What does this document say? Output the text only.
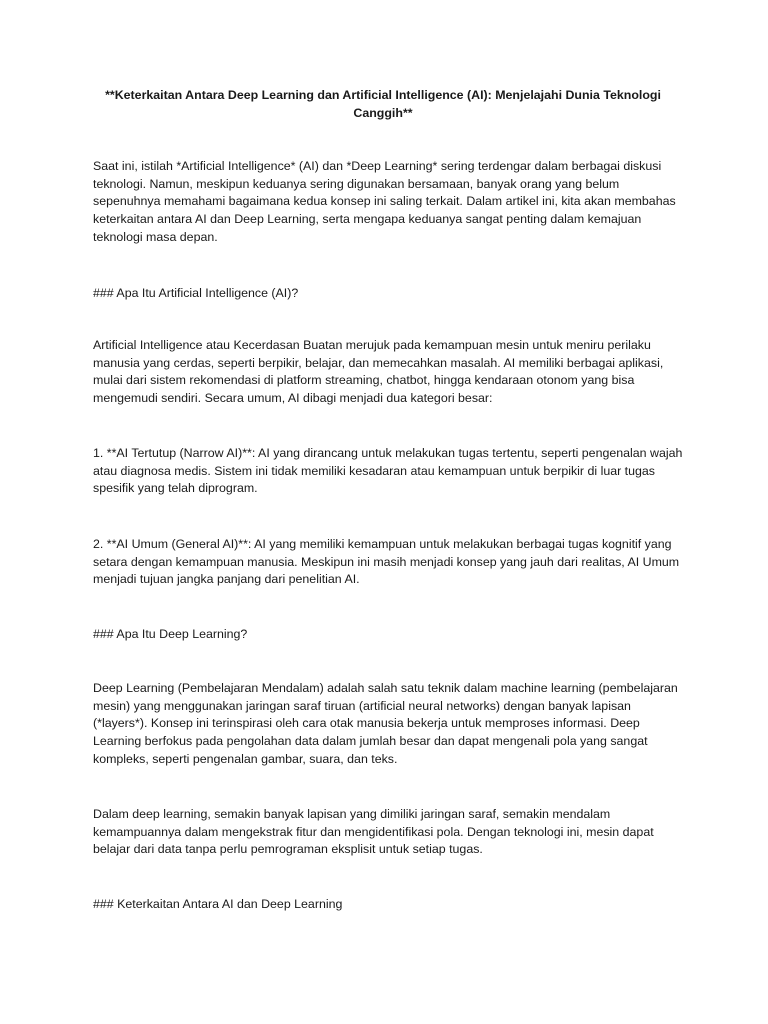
**Keterkaitan Antara Deep Learning dan Artificial Intelligence (AI): Menjelajahi Dunia Teknologi Canggih**

Saat ini, istilah *Artificial Intelligence* (AI) dan *Deep Learning* sering terdengar dalam berbagai diskusi teknologi. Namun, meskipun keduanya sering digunakan bersamaan, banyak orang yang belum sepenuhnya memahami bagaimana kedua konsep ini saling terkait. Dalam artikel ini, kita akan membahas keterkaitan antara AI dan Deep Learning, serta mengapa keduanya sangat penting dalam kemajuan teknologi masa depan.

### Apa Itu Artificial Intelligence (AI)?

Artificial Intelligence atau Kecerdasan Buatan merujuk pada kemampuan mesin untuk meniru perilaku manusia yang cerdas, seperti berpikir, belajar, dan memecahkan masalah. AI memiliki berbagai aplikasi, mulai dari sistem rekomendasi di platform streaming, chatbot, hingga kendaraan otonom yang bisa mengemudi sendiri. Secara umum, AI dibagi menjadi dua kategori besar:

1. **AI Tertutup (Narrow AI)**: AI yang dirancang untuk melakukan tugas tertentu, seperti pengenalan wajah atau diagnosa medis. Sistem ini tidak memiliki kesadaran atau kemampuan untuk berpikir di luar tugas spesifik yang telah diprogram.

2. **AI Umum (General AI)**: AI yang memiliki kemampuan untuk melakukan berbagai tugas kognitif yang setara dengan kemampuan manusia. Meskipun ini masih menjadi konsep yang jauh dari realitas, AI Umum menjadi tujuan jangka panjang dari penelitian AI.

### Apa Itu Deep Learning?

Deep Learning (Pembelajaran Mendalam) adalah salah satu teknik dalam machine learning (pembelajaran mesin) yang menggunakan jaringan saraf tiruan (artificial neural networks) dengan banyak lapisan (*layers*). Konsep ini terinspirasi oleh cara otak manusia bekerja untuk memproses informasi. Deep Learning berfokus pada pengolahan data dalam jumlah besar dan dapat mengenali pola yang sangat kompleks, seperti pengenalan gambar, suara, dan teks.

Dalam deep learning, semakin banyak lapisan yang dimiliki jaringan saraf, semakin mendalam kemampuannya dalam mengekstrak fitur dan mengidentifikasi pola. Dengan teknologi ini, mesin dapat belajar dari data tanpa perlu pemrograman eksplisit untuk setiap tugas.

### Keterkaitan Antara AI dan Deep Learning
